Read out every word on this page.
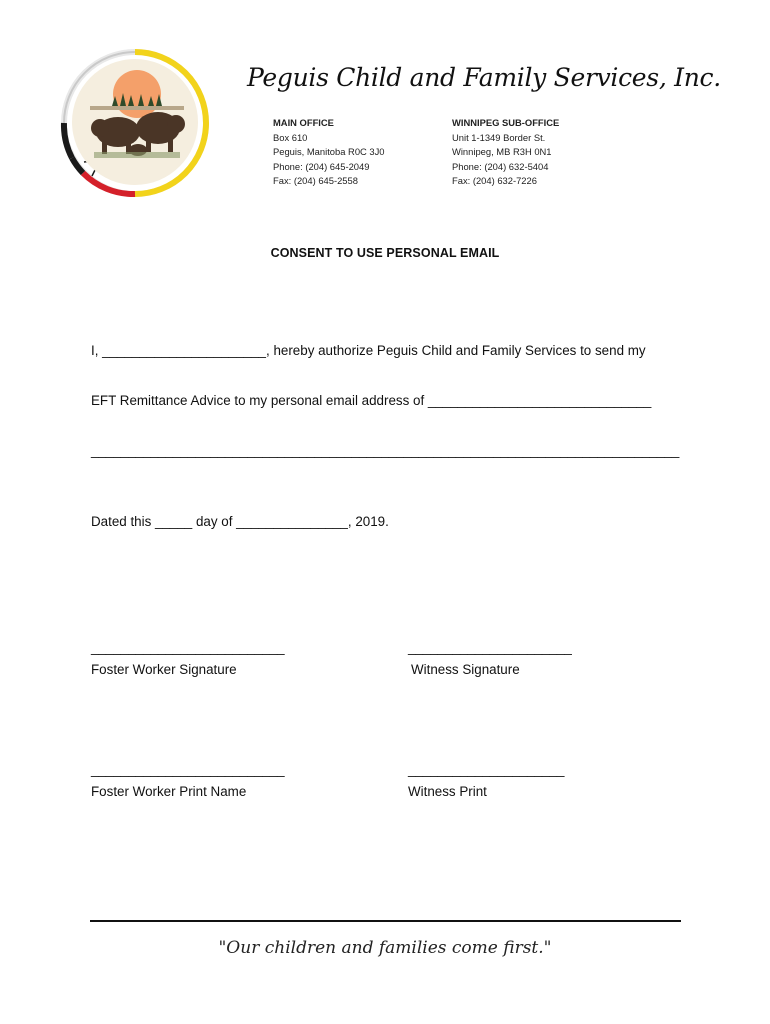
Peguis Child and Family Services, Inc.
MAIN OFFICE
Box 610
Peguis, Manitoba R0C 3J0
Phone: (204) 645-2049
Fax: (204) 645-2558
WINNIPEG SUB-OFFICE
Unit 1-1349 Border St.
Winnipeg, MB R3H 0N1
Phone: (204) 632-5404
Fax: (204) 632-7226
CONSENT TO USE PERSONAL EMAIL
I, ______________________, hereby authorize Peguis Child and Family Services to send my
EFT Remittance Advice to my personal email address of ______________________________
_______________________________________________________________________________
Dated this _____ day of _______________, 2019.
__________________________	______________________
Foster Worker Signature	Witness Signature
__________________________	_____________________
Foster Worker Print Name	Witness Print
"Our children and families come first."
